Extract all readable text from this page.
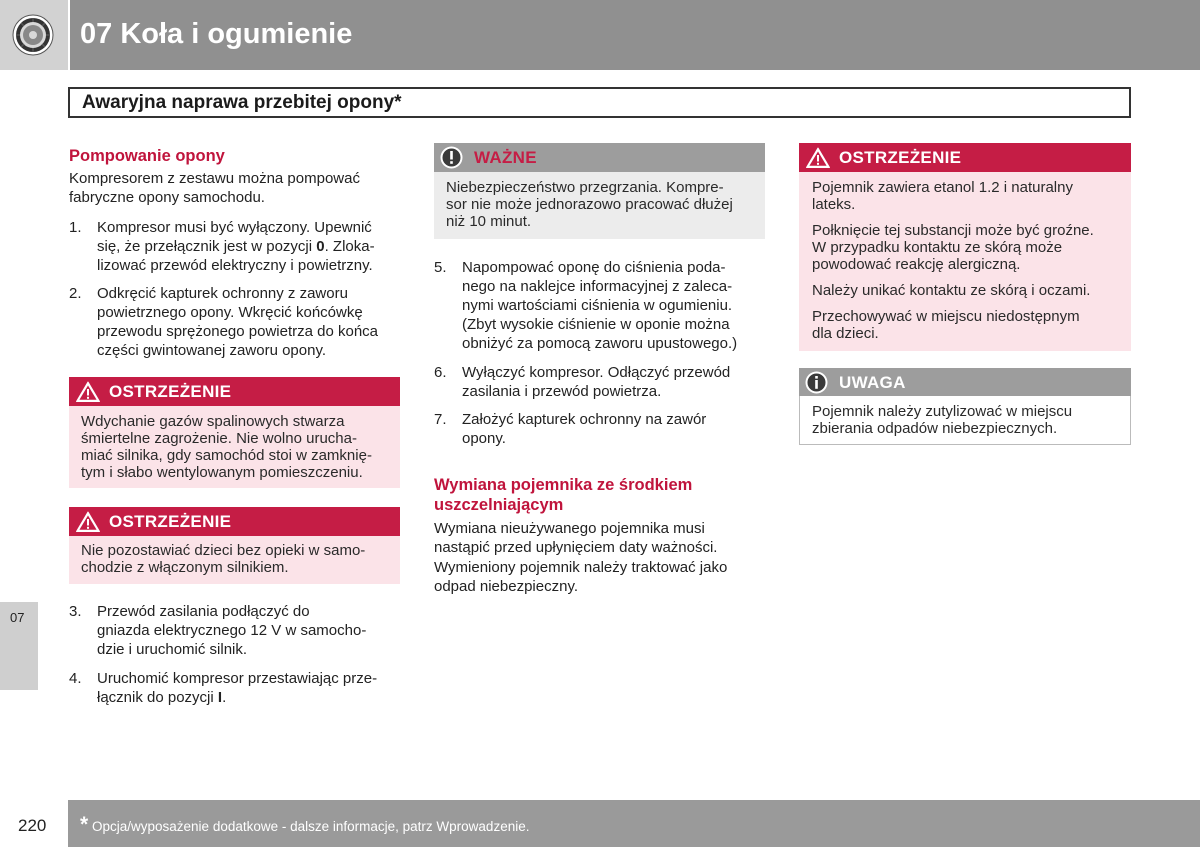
07 Koła i ogumienie
Awaryjna naprawa przebitej opony*
07
Pompowanie opony
Kompresorem z zestawu można pompować
fabryczne opony samochodu.
1. Kompresor musi być wyłączony. Upewnić
się, że przełącznik jest w pozycji 0. Zloka-
lizować przewód elektryczny i powietrzny.
2. Odkręcić kapturek ochronny z zaworu
powietrznego opony. Wkręcić końcówkę
przewodu sprężonego powietrza do końca
części gwintowanej zaworu opony.
OSTRZEŻENIE
Wdychanie gazów spalinowych stwarza
śmiertelne zagrożenie. Nie wolno urucha-
miać silnika, gdy samochód stoi w zamknię-
tym i słabo wentylowanym pomieszczeniu.
OSTRZEŻENIE
Nie pozostawiać dzieci bez opieki w samo-
chodzie z włączonym silnikiem.
3. Przewód zasilania podłączyć do
gniazda elektrycznego 12 V w samocho-
dzie i uruchomić silnik.
4. Uruchomić kompresor przestawiając prze-
łącznik do pozycji I.
WAŻNE
Niebezpieczeństwo przegrzania. Kompre-
sor nie może jednorazowo pracować dłużej
niż 10 minut.
5. Napompować oponę do ciśnienia poda-
nego na naklejce informacyjnej z zaleca-
nymi wartościami ciśnienia w ogumieniu.
(Zbyt wysokie ciśnienie w oponie można
obniżyć za pomocą zaworu upustowego.)
6. Wyłączyć kompresor. Odłączyć przewód
zasilania i przewód powietrza.
7. Założyć kapturek ochronny na zawór
opony.
Wymiana pojemnika ze środkiem
uszczelniającym
Wymiana nieużywanego pojemnika musi
nastąpić przed upłynięciem daty ważności.
Wymieniony pojemnik należy traktować jako
odpad niebezpieczny.
OSTRZEŻENIE
Pojemnik zawiera etanol 1.2 i naturalny
lateks.
Połknięcie tej substancji może być groźne.
W przypadku kontaktu ze skórą może
powodować reakcję alergiczną.
Należy unikać kontaktu ze skórą i oczami.
Przechowywać w miejscu niedostępnym
dla dzieci.
UWAGA
Pojemnik należy zutylizować w miejscu
zbierania odpadów niebezpiecznych.
220 * Opcja/wyposażenie dodatkowe - dalsze informacje, patrz Wprowadzenie.
